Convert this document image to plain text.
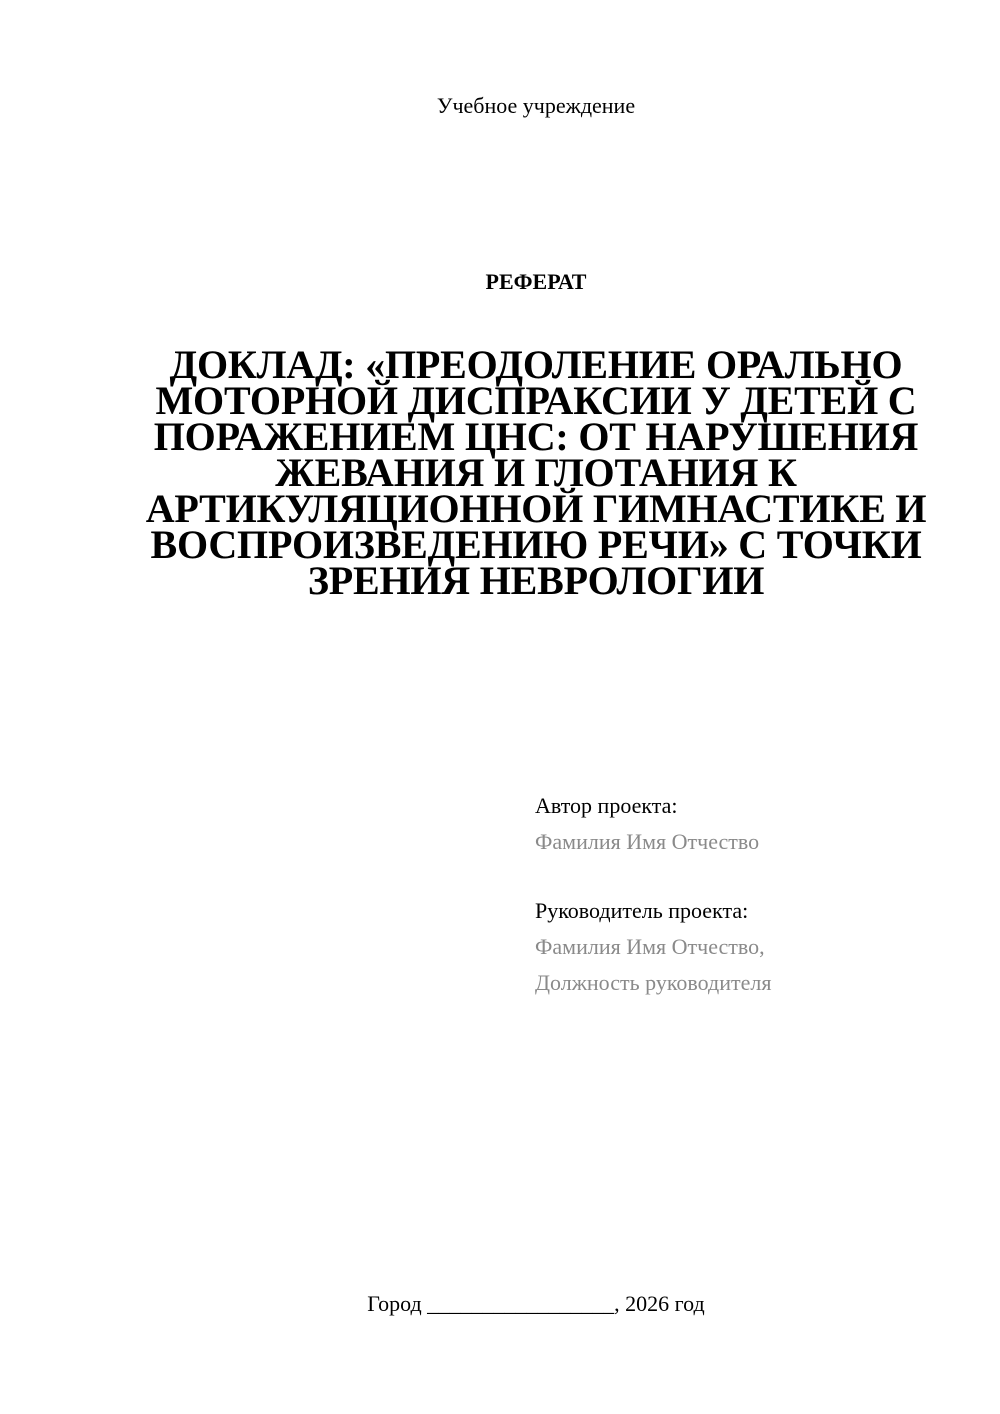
Учебное учреждение
РЕФЕРАТ
ДОКЛАД: «ПРЕОДОЛЕНИЕ ОРАЛЬНО МОТОРНОЙ ДИСПРАКСИИ У ДЕТЕЙ С ПОРАЖЕНИЕМ ЦНС: ОТ НАРУШЕНИЯ ЖЕВАНИЯ И ГЛОТАНИЯ К АРТИКУЛЯЦИОННОЙ ГИМНАСТИКЕ И ВОСПРОИЗВЕДЕНИЮ РЕЧИ» С ТОЧКИ ЗРЕНИЯ НЕВРОЛОГИИ
Автор проекта:
Фамилия Имя Отчество
Руководитель проекта:
Фамилия Имя Отчество,
Должность руководителя
Город _________________, 2026 год
